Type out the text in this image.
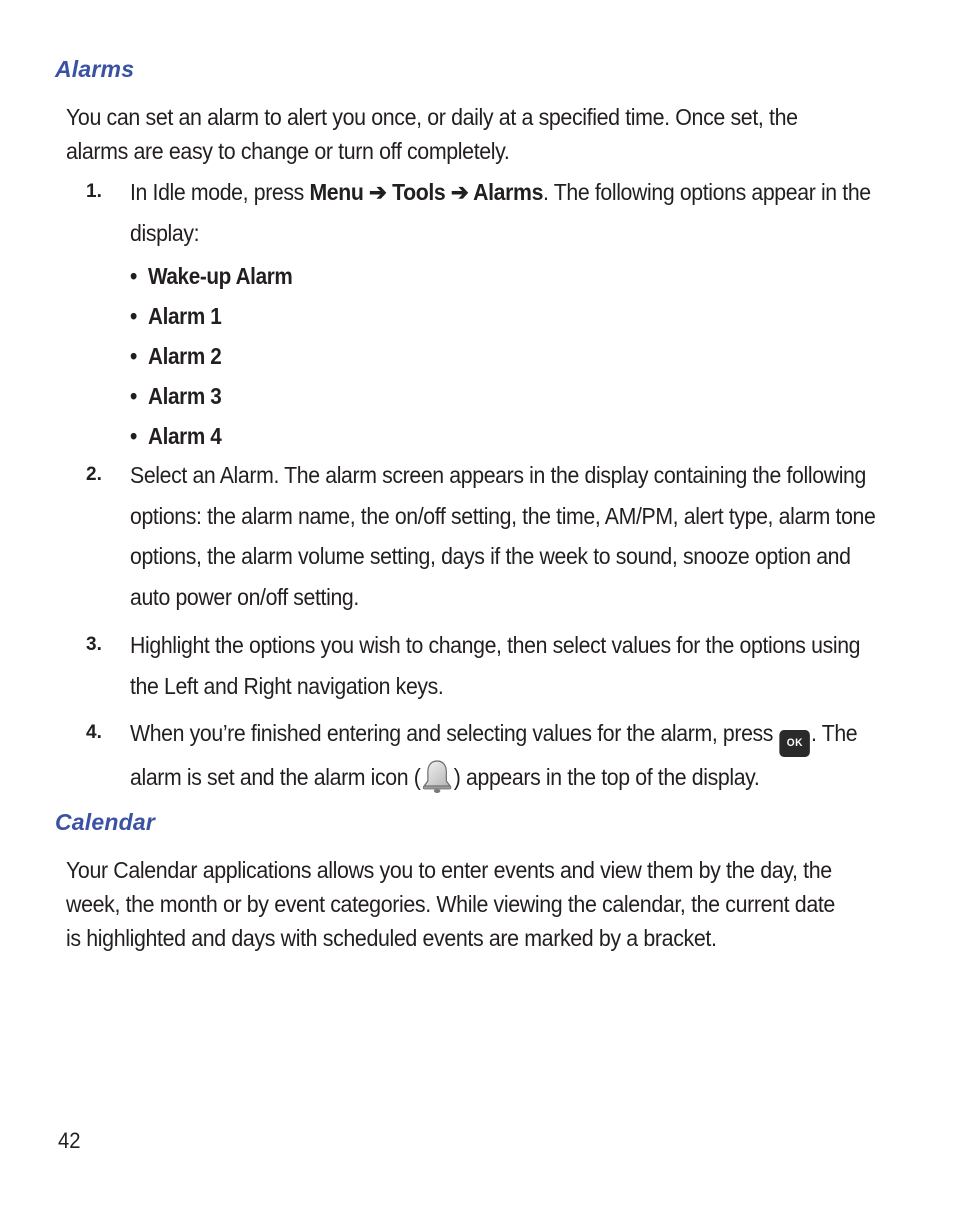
Alarms

You can set an alarm to alert you once, or daily at a specified time. Once set, the alarms are easy to change or turn off completely.

1. In Idle mode, press Menu ➔ Tools ➔ Alarms. The following options appear in the display:

• Wake-up Alarm
• Alarm 1
• Alarm 2
• Alarm 3
• Alarm 4
2. Select an Alarm. The alarm screen appears in the display containing the following options: the alarm name, the on/off setting, the time, AM/PM, alert type, alarm tone options, the alarm volume setting, days if the week to sound, snooze option and auto power on/off setting.

3. Highlight the options you wish to change, then select values for the options using the Left and Right navigation keys.

4. When you’re finished entering and selecting values for the alarm, press OK . The alarm is set and the alarm icon ( ) appears in the top of the display.

Calendar

Your Calendar applications allows you to enter events and view them by the day, the week, the month or by event categories. While viewing the calendar, the current date is highlighted and days with scheduled events are marked by a bracket.

42
